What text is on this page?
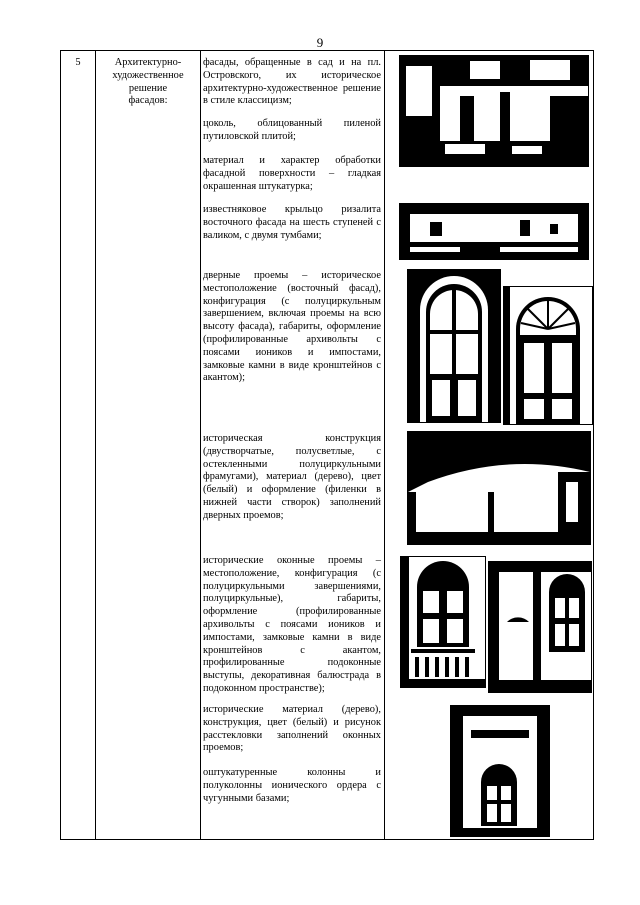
9
5	Архитектурно-
художественное
решение
фасадов:
фасады, обращенные в сад и на пл. Островского, их историческое архитектурно-художественное решение в стиле классицизм;
цоколь, облицованный пиленой путиловской плитой;
материал и характер обработки фасадной поверхности – гладкая окрашенная штукатурка;
известняковое крыльцо ризалита восточного фасада на шесть ступеней с валиком, с двумя тумбами;
дверные проемы – историческое местоположение (восточный фасад), конфигурация (с полуциркульным завершением, включая проемы на всю высоту фасада), габариты, оформление (профилированные архивольты с поясами иоников и импостами, замковые камни в виде кронштейнов с акантом);
историческая конструкция (двустворчатые, полусветлые, с остекленными полуциркульными фрамугами), материал (дерево), цвет (белый) и оформление (филенки в нижней части створок) заполнений дверных проемов;
исторические оконные проемы – местоположение, конфигурация (с полуциркульными завершениями, полуциркульные), габариты, оформление (профилированные архивольты с поясами иоников и импостами, замковые камни в виде кронштейнов с акантом, профилированные подоконные выступы, декоративная балюстрада в подоконном пространстве);
исторические материал (дерево), конструкция, цвет (белый) и рисунок расстекловки заполнений оконных проемов;
оштукатуренные колонны и полуколонны ионического ордера с чугунными базами;
